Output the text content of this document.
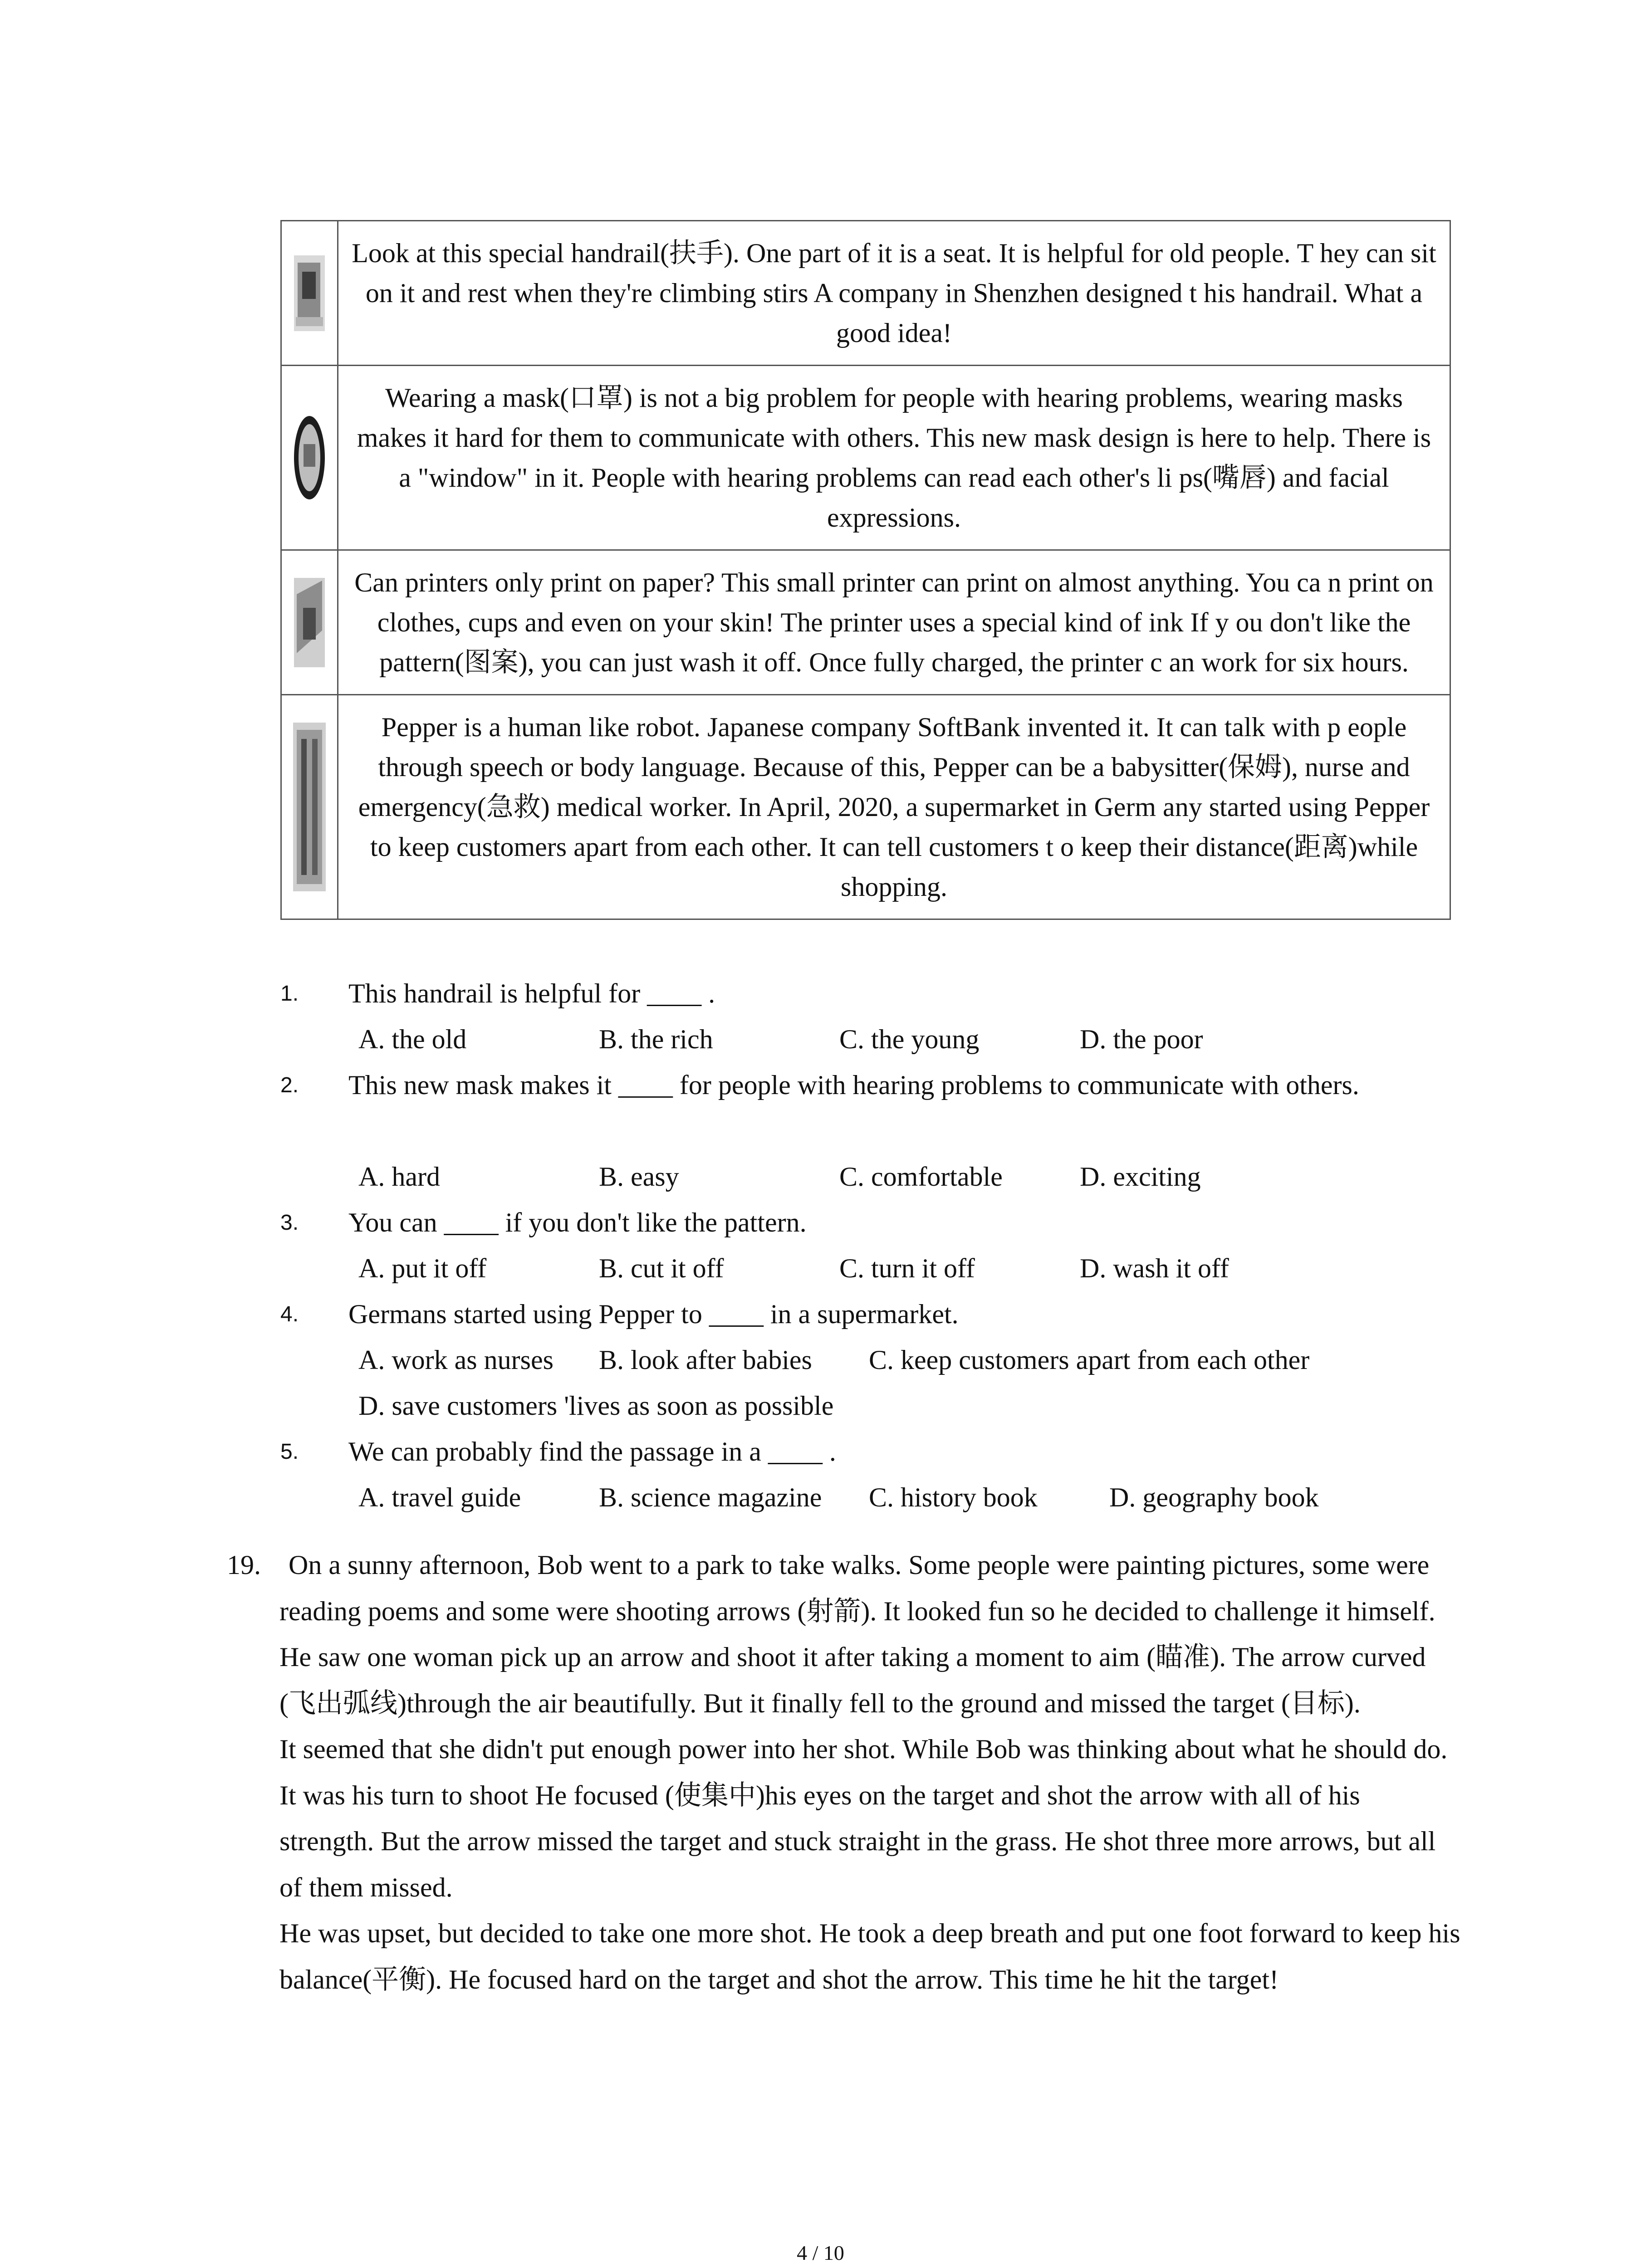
	Look at this special handrail(扶手). One part of it is a seat. It is helpful for old people. T hey can sit on it and rest when they're climbing stirs A company in Shenzhen designed t his handrail. What a good idea!

	Wearing a mask(口罩) is not a big problem for people with hearing problems, wearing masks makes it hard for them to communicate with others. This new mask design is here to help. There is a "window" in it. People with hearing problems can read each other's li ps(嘴唇) and facial expressions.

	Can printers only print on paper? This small printer can print on almost anything. You ca n print on clothes, cups and even on your skin! The printer uses a special kind of ink If y ou don't like the pattern(图案), you can just wash it off. Once fully charged, the printer c an work for six hours.

	Pepper is a human like robot. Japanese company SoftBank invented it. It can talk with p eople through speech or body language. Because of this, Pepper can be a babysitter(保姆), nurse and emergency(急救) medical worker. In April, 2020, a supermarket in Germ any started using Pepper to keep customers apart from each other. It can tell customers t o keep their distance(距离)while shopping.
1. This handrail is helpful for ____ .
A. the old	B. the rich	C. the young	D. the poor
2. This new mask makes it ____ for people with hearing problems to communicate with others.
A. hard	B. easy	C. comfortable	D. exciting
3. You can ____ if you don't like the pattern.
A. put it off	B. cut it off	C. turn it off	D. wash it off
4. Germans started using Pepper to ____ in a supermarket.
A. work as nurses B. look after babies C. keep customers apart from each other
D. save customers 'lives as soon as possible
5. We can probably find the passage in a ____ .
A. travel guide	B. science magazine C. history book	D. geography book
19.	On a sunny afternoon, Bob went to a park to take walks. Some people were painting pictures, some were reading poems and some were shooting arrows (射箭). It looked fun so he decided to challenge it himself.

He saw one woman pick up an arrow and shoot it after taking a moment to aim (瞄准). The arrow curved (飞出弧线)through the air beautifully. But it finally fell to the ground and missed the target (目标).

It seemed that she didn't put enough power into her shot. While Bob was thinking about what he should do. It was his turn to shoot He focused (使集中)his eyes on the target and shot the arrow with all of his strength. But the arrow missed the target and stuck straight in the grass. He shot three more arrows, but all of them missed.

He was upset, but decided to take one more shot. He took a deep breath and put one foot forward to keep his balance(平衡). He focused hard on the target and shot the arrow. This time he hit the target!

4 / 10
